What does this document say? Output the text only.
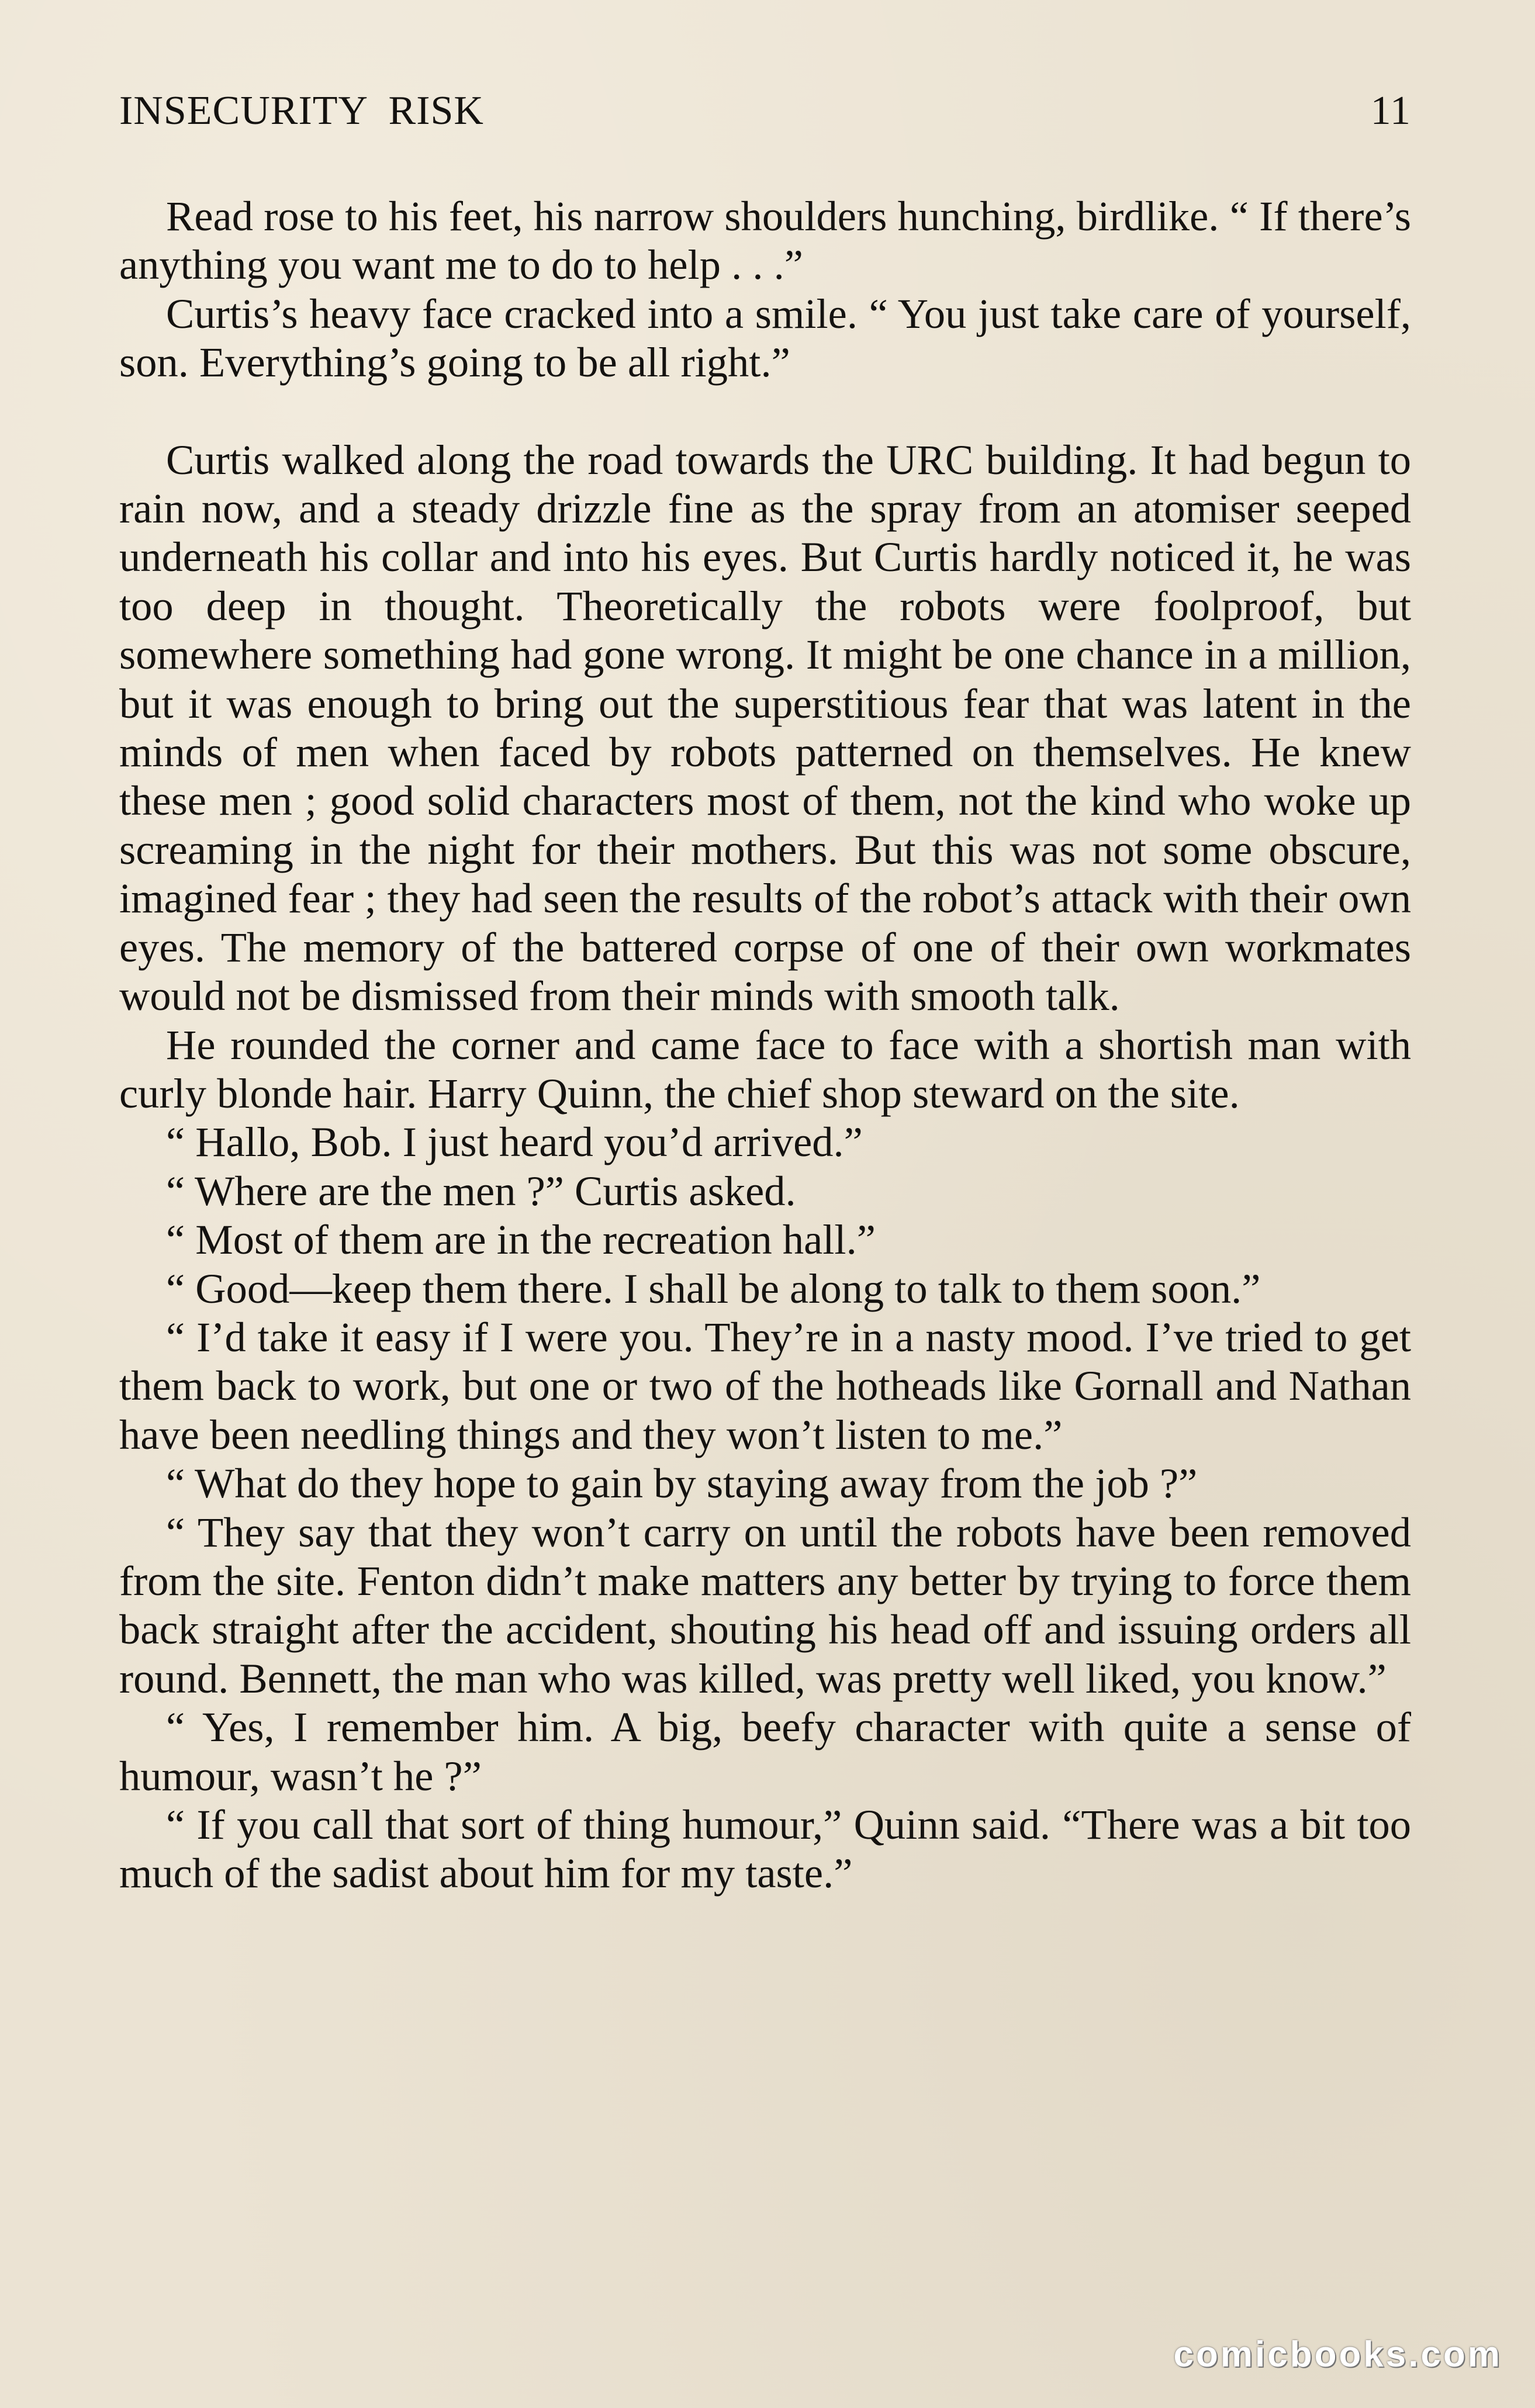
INSECURITY  RISK	11

Read rose to his feet, his narrow shoulders hunching, birdlike. “ If there’s anything you want me to do to help . . .”

Curtis’s heavy face cracked into a smile. “ You just take care of yourself, son. Everything’s going to be all right.”

Curtis walked along the road towards the URC building. It had begun to rain now, and a steady drizzle fine as the spray from an atomiser seeped underneath his collar and into his eyes. But Curtis hardly noticed it, he was too deep in thought. Theoretically the robots were foolproof, but somewhere something had gone wrong. It might be one chance in a million, but it was enough to bring out the superstitious fear that was latent in the minds of men when faced by robots patterned on themselves. He knew these men ; good solid characters most of them, not the kind who woke up screaming in the night for their mothers. But this was not some obscure, imagined fear ; they had seen the results of the robot’s attack with their own eyes. The memory of the battered corpse of one of their own workmates would not be dismissed from their minds with smooth talk.

He rounded the corner and came face to face with a shortish man with curly blonde hair. Harry Quinn, the chief shop steward on the site.

“ Hallo, Bob. I just heard you’d arrived.”

“ Where are the men ?” Curtis asked.

“ Most of them are in the recreation hall.”

“ Good—keep them there. I shall be along to talk to them soon.”

“ I’d take it easy if I were you. They’re in a nasty mood. I’ve tried to get them back to work, but one or two of the hotheads like Gornall and Nathan have been needling things and they won’t listen to me.”

“ What do they hope to gain by staying away from the job ?”

“ They say that they won’t carry on until the robots have been removed from the site. Fenton didn’t make matters any better by trying to force them back straight after the accident, shouting his head off and issuing orders all round. Bennett, the man who was killed, was pretty well liked, you know.”

“ Yes, I remember him. A big, beefy character with quite a sense of humour, wasn’t he ?”

“ If you call that sort of thing humour,” Quinn said. “There was a bit too much of the sadist about him for my taste.”

comicbooks.com
